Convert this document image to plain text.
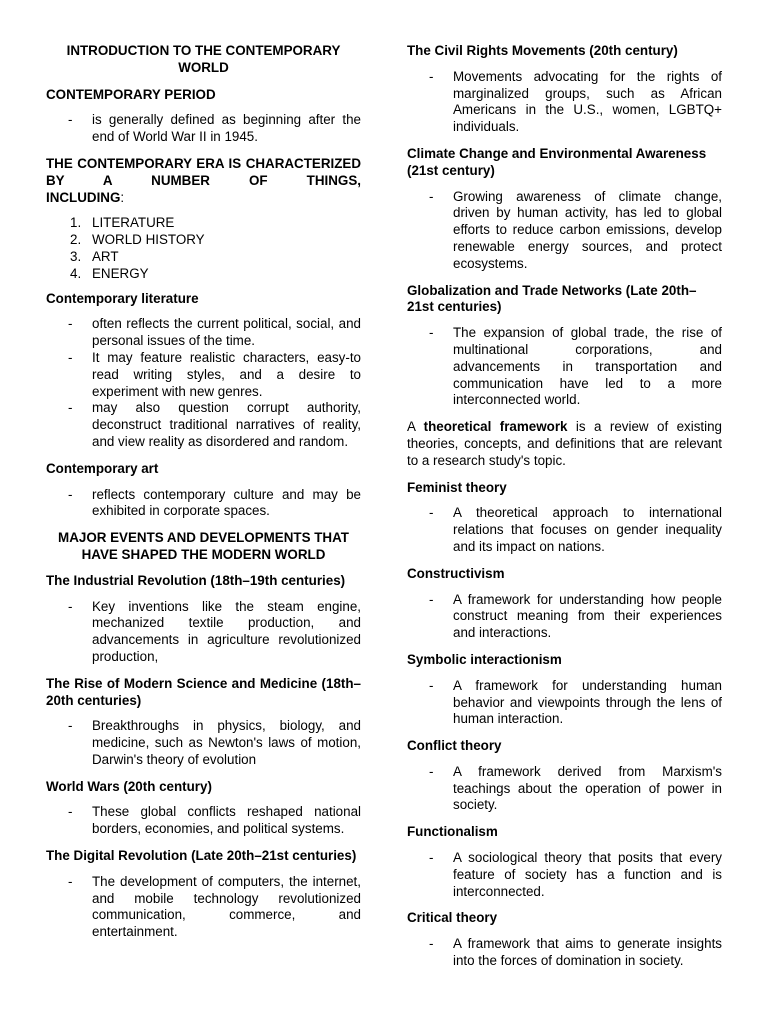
INTRODUCTION TO THE CONTEMPORARY WORLD
CONTEMPORARY PERIOD
- is generally defined as beginning after the end of World War II in 1945.
THE CONTEMPORARY ERA IS CHARACTERIZED BY A NUMBER OF THINGS,
INCLUDING:
1. LITERATURE
2. WORLD HISTORY
3. ART
4. ENERGY
Contemporary literature
- often reflects the current political, social, and personal issues of the time.
- It may feature realistic characters, easy-to read writing styles, and a desire to experiment with new genres.
- may also question corrupt authority, deconstruct traditional narratives of reality, and view reality as disordered and random.
Contemporary art
- reflects contemporary culture and may be exhibited in corporate spaces.
MAJOR EVENTS AND DEVELOPMENTS THAT HAVE SHAPED THE MODERN WORLD
The Industrial Revolution (18th–19th centuries)
- Key inventions like the steam engine, mechanized textile production, and advancements in agriculture revolutionized production,
The Rise of Modern Science and Medicine (18th–20th centuries)
- Breakthroughs in physics, biology, and medicine, such as Newton's laws of motion, Darwin's theory of evolution
World Wars (20th century)
- These global conflicts reshaped national borders, economies, and political systems.
The Digital Revolution (Late 20th–21st centuries)
- The development of computers, the internet, and mobile technology revolutionized communication, commerce, and entertainment.
The Civil Rights Movements (20th century)
- Movements advocating for the rights of marginalized groups, such as African Americans in the U.S., women, LGBTQ+ individuals.
Climate Change and Environmental Awareness (21st century)
- Growing awareness of climate change, driven by human activity, has led to global efforts to reduce carbon emissions, develop renewable energy sources, and protect ecosystems.
Globalization and Trade Networks (Late 20th–21st centuries)
- The expansion of global trade, the rise of multinational corporations, and advancements in transportation and communication have led to a more interconnected world.

A theoretical framework is a review of existing theories, concepts, and definitions that are relevant to a research study's topic.

Feminist theory
- A theoretical approach to international relations that focuses on gender inequality and its impact on nations.
Constructivism
- A framework for understanding how people construct meaning from their experiences and interactions.
Symbolic interactionism
- A framework for understanding human behavior and viewpoints through the lens of human interaction.
Conflict theory
- A framework derived from Marxism's teachings about the operation of power in society.
Functionalism
- A sociological theory that posits that every feature of society has a function and is interconnected.
Critical theory
- A framework that aims to generate insights into the forces of domination in society.
